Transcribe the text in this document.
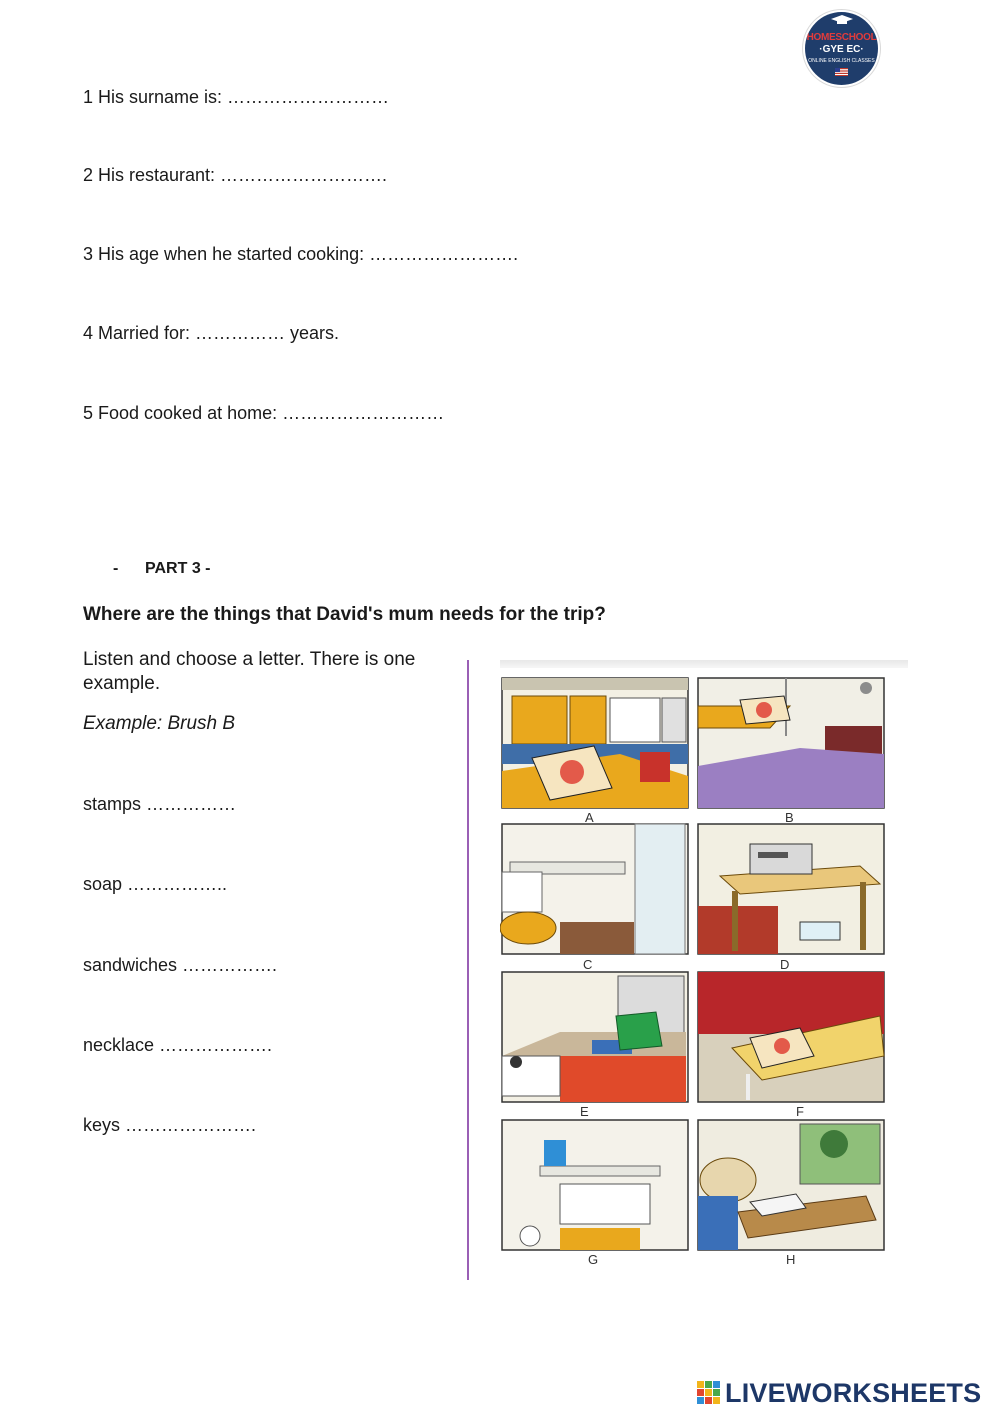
HOMESCHOOL
·GYE EC·
ONLINE ENGLISH CLASSES
1 His surname is: ………………………
2 His restaurant: ……………………….
3 His age when he started cooking: …………………….
4 Married for: …………… years.
5 Food cooked at home: ………………………
-      PART 3 -
Where are the things that David's mum needs for the trip?
Listen and choose a letter. There is one example.
Example: Brush B
stamps ……………
soap ……………..
sandwiches …………….
necklace ……………….
keys ………………….
A	B
C	D
E	F
G	H
LIVEWORKSHEETS
